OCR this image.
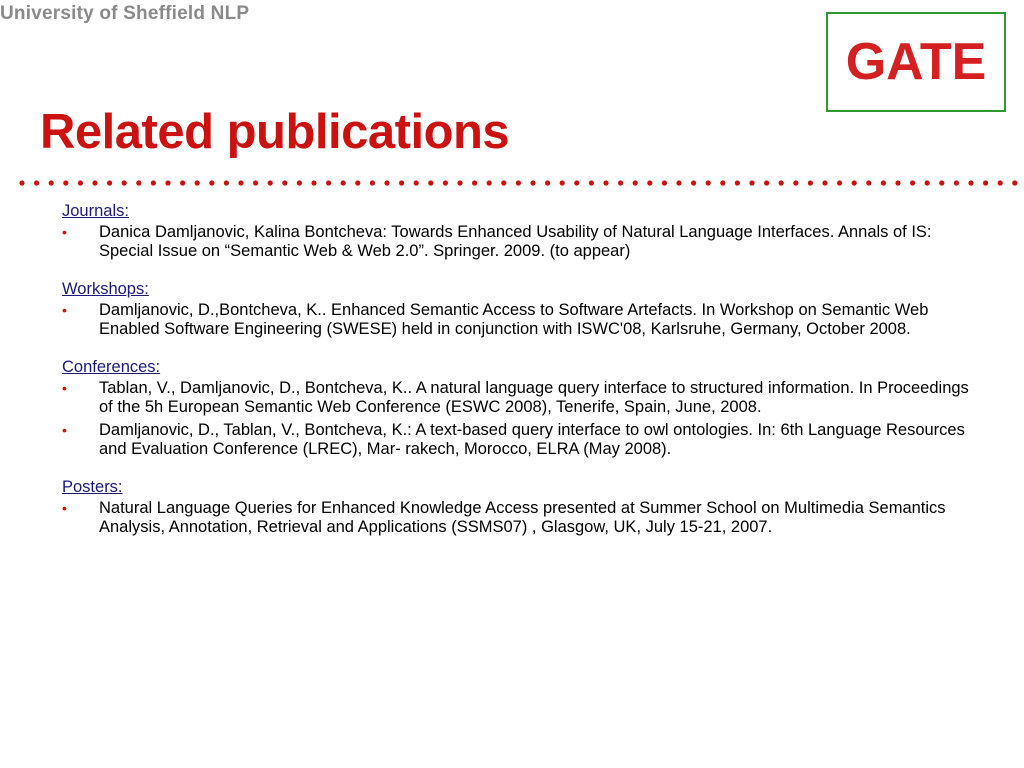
University of Sheffield NLP
GATE
Related publications
Journals:
• Danica Damljanovic, Kalina Bontcheva: Towards Enhanced Usability of Natural Language Interfaces. Annals of IS: Special Issue on “Semantic Web & Web 2.0”. Springer. 2009. (to appear)
Workshops:
• Damljanovic, D.,Bontcheva, K.. Enhanced Semantic Access to Software Artefacts. In Workshop on Semantic Web Enabled Software Engineering (SWESE) held in conjunction with ISWC'08, Karlsruhe, Germany, October 2008.
Conferences:
• Tablan, V., Damljanovic, D., Bontcheva, K.. A natural language query interface to structured information. In Proceedings of the 5h European Semantic Web Conference (ESWC 2008), Tenerife, Spain, June, 2008.
• Damljanovic, D., Tablan, V., Bontcheva, K.: A text-based query interface to owl ontologies. In: 6th Language Resources and Evaluation Conference (LREC), Mar- rakech, Morocco, ELRA (May 2008).
Posters:
• Natural Language Queries for Enhanced Knowledge Access presented at Summer School on Multimedia Semantics Analysis, Annotation, Retrieval and Applications (SSMS07) , Glasgow, UK, July 15-21, 2007.
